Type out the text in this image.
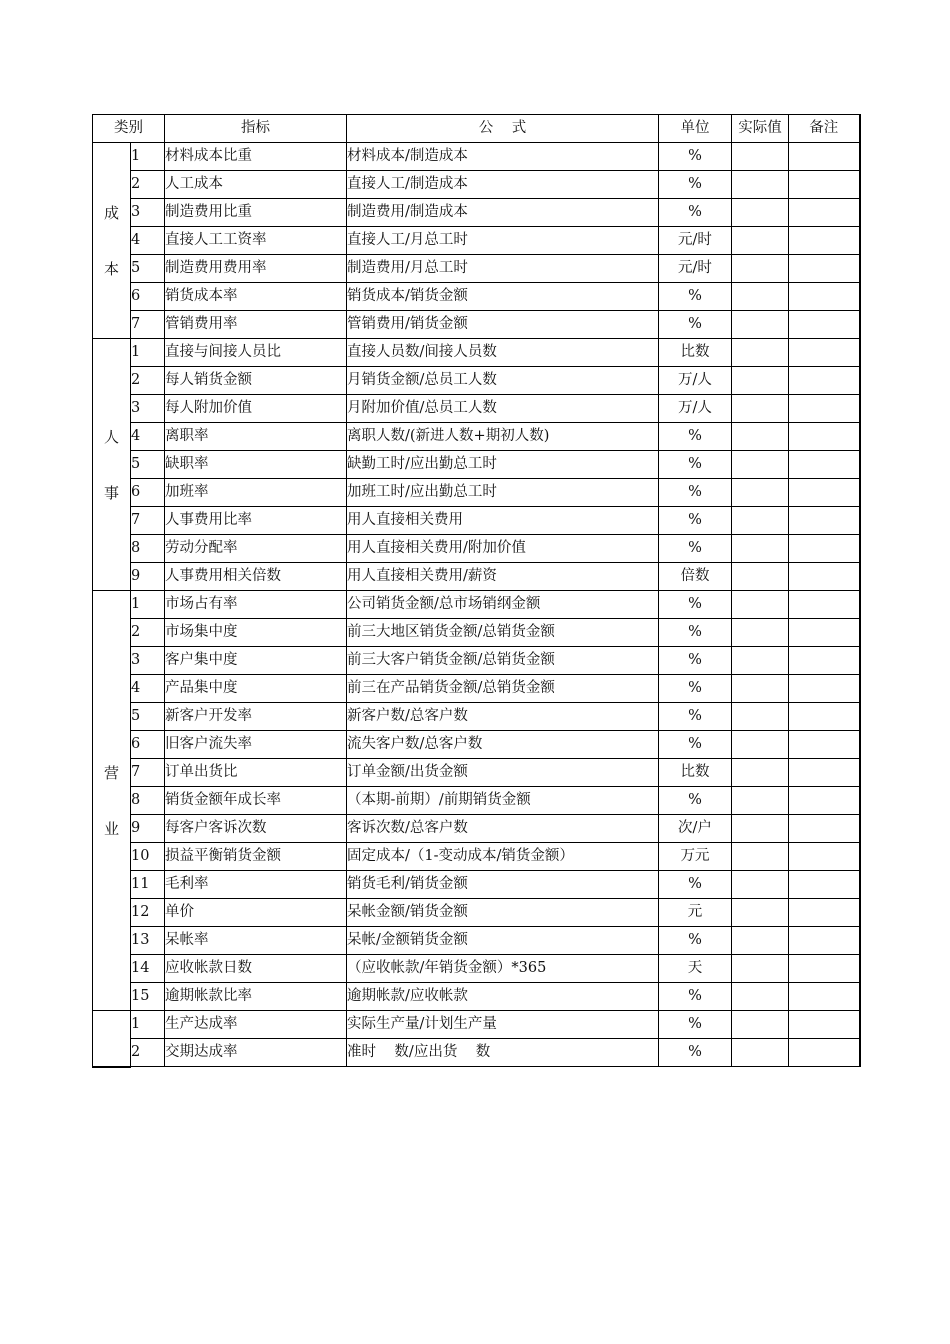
类别		指标	公    式	单位	实际值	备注

成
本	1	材料成本比重	材料成本/制造成本	%		
	2	人工成本	直接人工/制造成本	%		
	3	制造费用比重	制造费用/制造成本	%		
	4	直接人工工资率	直接人工/月总工时	元/时		
	5	制造费用费用率	制造费用/月总工时	元/时		
	6	销货成本率	销货成本/销货金额	%		
	7	管销费用率	管销费用/销货金额	%		

人
事	1	直接与间接人员比	直接人员数/间接人员数	比数		
	2	每人销货金额	月销货金额/总员工人数	万/人		
	3	每人附加价值	月附加价值/总员工人数	万/人		
	4	离职率	离职人数/(新进人数+期初人数)	%		
	5	缺职率	缺勤工时/应出勤总工时	%		
	6	加班率	加班工时/应出勤总工时	%		
	7	人事费用比率	用人直接相关费用	%		
	8	劳动分配率	用人直接相关费用/附加价值	%		
	9	人事费用相关倍数	用人直接相关费用/薪资	倍数		

营
业	1	市场占有率	公司销货金额/总市场销纲金额	%		
	2	市场集中度	前三大地区销货金额/总销货金额	%		
	3	客户集中度	前三大客户销货金额/总销货金额	%		
	4	产品集中度	前三在产品销货金额/总销货金额	%		
	5	新客户开发率	新客户数/总客户数	%		
	6	旧客户流失率	流失客户数/总客户数	%		
	7	订单出货比	订单金额/出货金额	比数		
	8	销货金额年成长率	（本期-前期）/前期销货金额	%		
	9	每客户客诉次数	客诉次数/总客户数	次/户		
	10	损益平衡销货金额	固定成本/（1-变动成本/销货金额）	万元		
	11	毛利率	销货毛利/销货金额	%		
	12	单价	呆帐金额/销货金额	元		
	13	呆帐率	呆帐/金额销货金额	%		
	14	应收帐款日数	（应收帐款/年销货金额）*365	天		
	15	逾期帐款比率	逾期帐款/应收帐款	%		
	1	生产达成率	实际生产量/计划生产量	%		
	2	交期达成率	准时    数/应出货    数	%		
